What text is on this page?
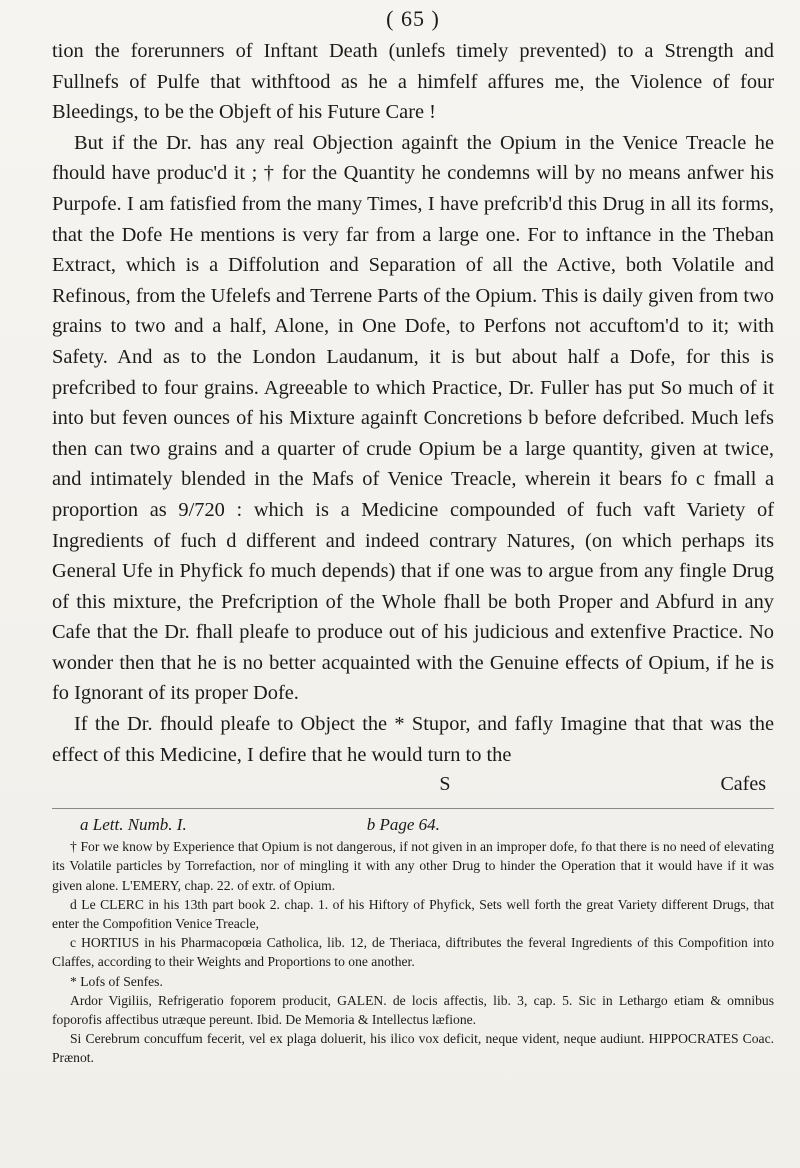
( 65 )

tion the forerunners of Inftant Death (unlefs timely prevented) to a Strength and Fullnefs of Pulfe that withftood as he a himfelf affures me, the Violence of four Bleedings, to be the Objeft of his Future Care !

But if the Dr. has any real Objection againft the Opium in the Venice Treacle he fhould have produc'd it ; † for the Quantity he condemns will by no means anfwer his Purpofe. I am fatisfied from the many Times, I have prefcrib'd this Drug in all its forms, that the Dofe He mentions is very far from a large one. For to inftance in the Theban Extract, which is a Diffolution and Separation of all the Active, both Volatile and Refinous, from the Ufelefs and Terrene Parts of the Opium. This is daily given from two grains to two and a half, Alone, in One Dofe, to Perfons not accuftom'd to it; with Safety. And as to the London Laudanum, it is but about half a Dofe, for this is prefcribed to four grains. Agreeable to which Practice, Dr. Fuller has put So much of it into but feven ounces of his Mixture againft Concretions b before defcribed. Much lefs then can two grains and a quarter of crude Opium be a large quantity, given at twice, and intimately blended in the Mafs of Venice Treacle, wherein it bears fo c fmall a proportion as 9/720 : which is a Medicine compounded of fuch vaft Variety of Ingredients of fuch d different and indeed contrary Natures, (on which perhaps its General Ufe in Phyfick fo much depends) that if one was to argue from any fingle Drug of this mixture, the Prefcription of the Whole fhall be both Proper and Abfurd in any Cafe that the Dr. fhall pleafe to produce out of his judicious and extenfive Practice. No wonder then that he is no better acquainted with the Genuine effects of Opium, if he is fo Ignorant of its proper Dofe.

If the Dr. fhould pleafe to Object the * Stupor, and fafly Imagine that that was the effect of this Medicine, I defire that he would turn to the

S	Cafes
a Lett. Numb. I.	b Page 64.

† For we know by Experience that Opium is not dangerous, if not given in an improper dofe, fo that there is no need of elevating its Volatile particles by Torrefaction, nor of mingling it with any other Drug to hinder the Operation that it would have if it was given alone. L'EMERY, chap. 22. of extr. of Opium.

d Le CLERC in his 13th part book 2. chap. 1. of his Hiftory of Phyfick, Sets well forth the great Variety different Drugs, that enter the Compofition Venice Treacle,

c HORTIUS in his Pharmacopœia Catholica, lib. 12, de Theriaca, diftributes the feveral Ingredients of this Compofition into Claffes, according to their Weights and Proportions to one another.

* Lofs of Senfes.

Ardor Vigiliis, Refrigeratio foporem producit, GALEN. de locis affectis, lib. 3, cap. 5. Sic in Lethargo etiam & omnibus foporofis affectibus utræque pereunt. Ibid. De Memoria & Intellectus læfione.

Si Cerebrum concuffum fecerit, vel ex plaga doluerit, his ilico vox deficit, neque vident, neque audiunt. HIPPOCRATES Coac. Prænot.
